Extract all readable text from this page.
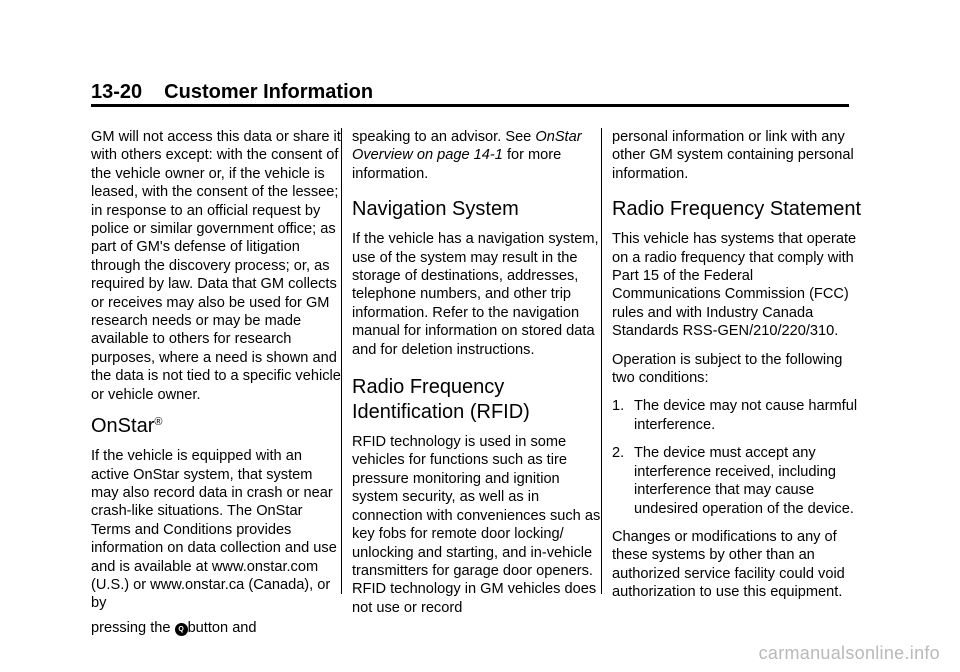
13-20 Customer Information

GM will not access this data or share it with others except: with the consent of the vehicle owner or, if the vehicle is leased, with the consent of the lessee; in response to an official request by police or similar government office; as part of GM's defense of litigation through the discovery process; or, as required by law. Data that GM collects or receives may also be used for GM research needs or may be made available to others for research purposes, where a need is shown and the data is not tied to a specific vehicle or vehicle owner.

OnStar®

If the vehicle is equipped with an active OnStar system, that system may also record data in crash or near crash-like situations. The OnStar Terms and Conditions provides information on data collection and use and is available at www.onstar.com (U.S.) or www.onstar.ca (Canada), or by

pressing the Q button and

speaking to an advisor. See OnStar Overview on page 14-1 for more information.

Navigation System

If the vehicle has a navigation system, use of the system may result in the storage of destinations, addresses, telephone numbers, and other trip information. Refer to the navigation manual for information on stored data and for deletion instructions.

Radio Frequency Identification (RFID)

RFID technology is used in some vehicles for functions such as tire pressure monitoring and ignition system security, as well as in connection with conveniences such as key fobs for remote door locking/ unlocking and starting, and in-vehicle transmitters for garage door openers. RFID technology in GM vehicles does not use or record

personal information or link with any other GM system containing personal information.

Radio Frequency Statement

This vehicle has systems that operate on a radio frequency that comply with Part 15 of the Federal Communications Commission (FCC) rules and with Industry Canada Standards RSS-GEN/210/220/310.

Operation is subject to the following two conditions:

1. The device may not cause harmful interference.
2. The device must accept any interference received, including interference that may cause undesired operation of the device.

Changes or modifications to any of these systems by other than an authorized service facility could void authorization to use this equipment.

carmanualsonline.info
